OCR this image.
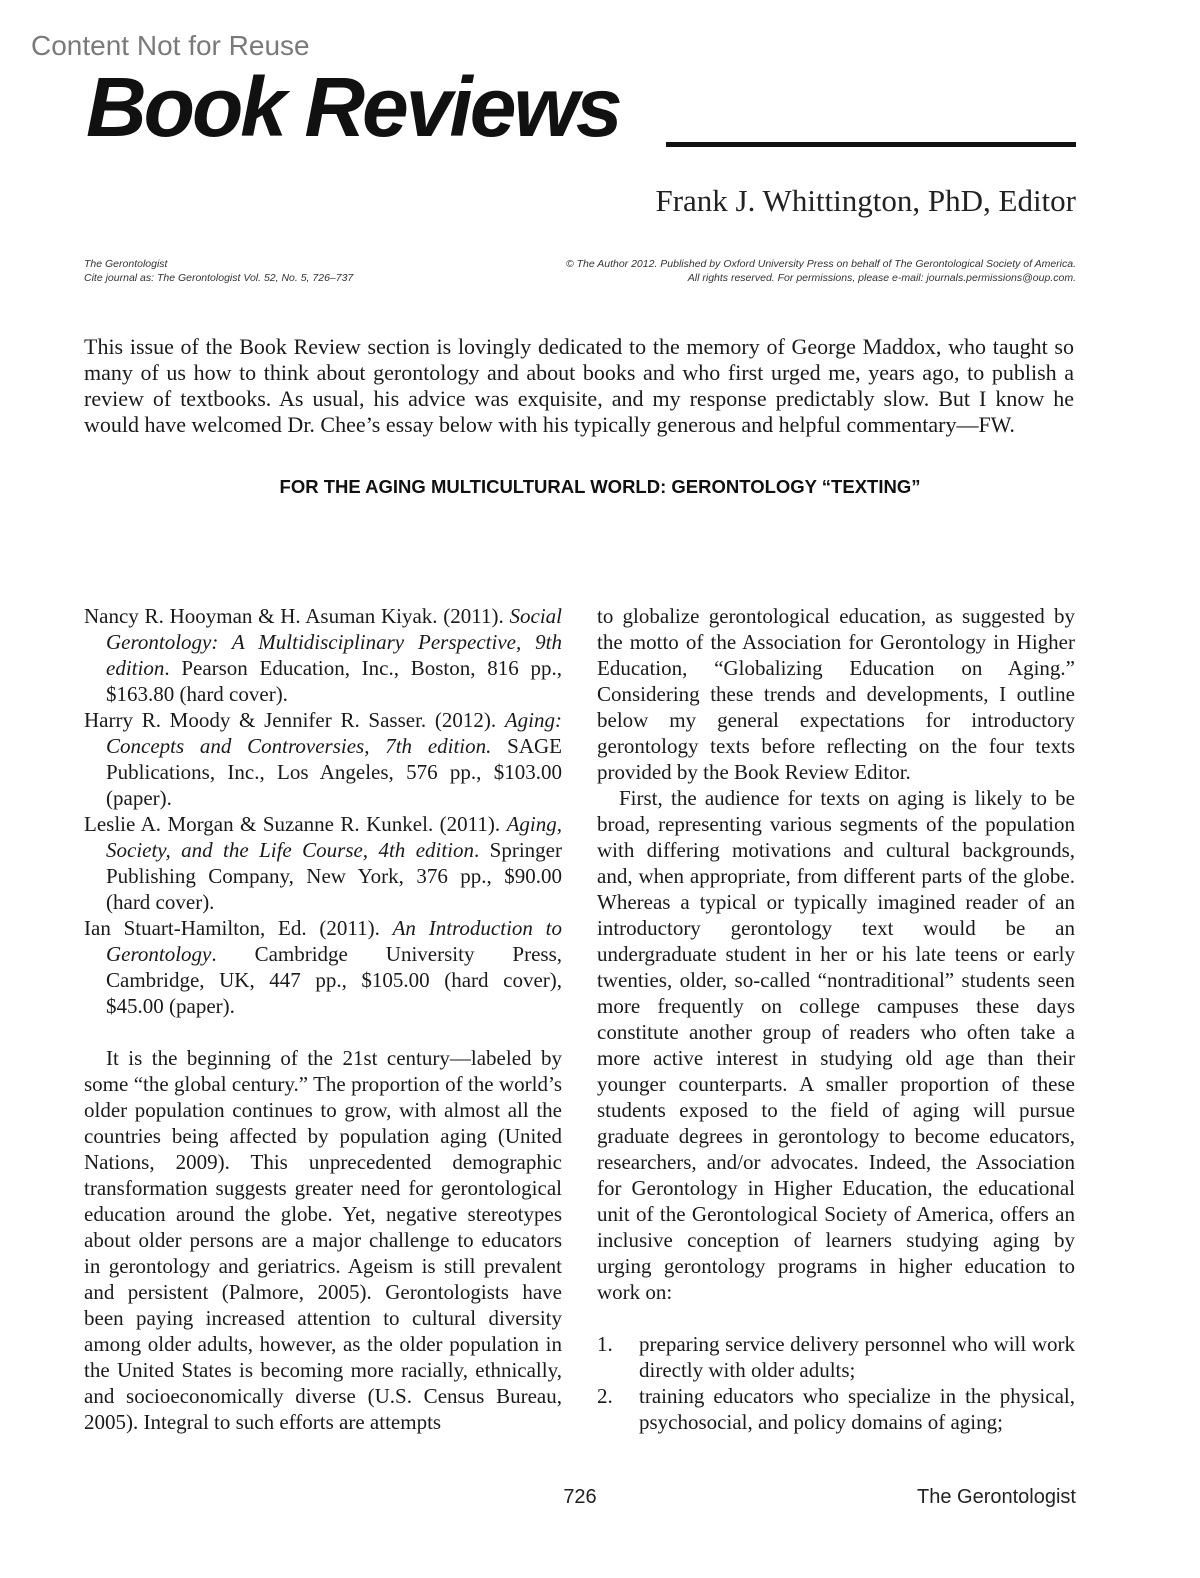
Content Not for Reuse
Book Reviews
Frank J. Whittington, PhD, Editor
The Gerontologist
Cite journal as: The Gerontologist Vol. 52, No. 5, 726–737
© The Author 2012. Published by Oxford University Press on behalf of The Gerontological Society of America.
All rights reserved. For permissions, please e-mail: journals.permissions@oup.com.
This issue of the Book Review section is lovingly dedicated to the memory of George Maddox, who taught so many of us how to think about gerontology and about books and who first urged me, years ago, to publish a review of textbooks. As usual, his advice was exquisite, and my response predictably slow. But I know he would have welcomed Dr. Chee’s essay below with his typically generous and helpful commentary—FW.
FOR THE AGING MULTICULTURAL WORLD: GERONTOLOGY “TEXTING”

Nancy R. Hooyman & H. Asuman Kiyak. (2011). Social Gerontology: A Multidisciplinary Perspective, 9th edition. Pearson Education, Inc., Boston, 816 pp., $163.80 (hard cover).

Harry R. Moody & Jennifer R. Sasser. (2012). Aging: Concepts and Controversies, 7th edition. SAGE Publications, Inc., Los Angeles, 576 pp., $103.00 (paper).

Leslie A. Morgan & Suzanne R. Kunkel. (2011). Aging, Society, and the Life Course, 4th edition. Springer Publishing Company, New York, 376 pp., $90.00 (hard cover).

Ian Stuart-Hamilton, Ed. (2011). An Introduction to Gerontology. Cambridge University Press, Cambridge, UK, 447 pp., $105.00 (hard cover), $45.00 (paper).

It is the beginning of the 21st century—labeled by some “the global century.” The proportion of the world’s older population continues to grow, with almost all the countries being affected by population aging (United Nations, 2009). This unprecedented demographic transformation suggests greater need for gerontological education around the globe. Yet, negative stereotypes about older persons are a major challenge to educators in gerontology and geriatrics. Ageism is still prevalent and persistent (Palmore, 2005). Gerontologists have been paying increased attention to cultural diversity among older adults, however, as the older population in the United States is becoming more racially, ethnically, and socioeconomically diverse (U.S. Census Bureau, 2005). Integral to such efforts are attempts

to globalize gerontological education, as suggested by the motto of the Association for Gerontology in Higher Education, “Globalizing Education on Aging.” Considering these trends and developments, I outline below my general expectations for introductory gerontology texts before reflecting on the four texts provided by the Book Review Editor.

First, the audience for texts on aging is likely to be broad, representing various segments of the population with differing motivations and cultural backgrounds, and, when appropriate, from different parts of the globe. Whereas a typical or typically imagined reader of an introductory gerontology text would be an undergraduate student in her or his late teens or early twenties, older, so-called “nontraditional” students seen more frequently on college campuses these days constitute another group of readers who often take a more active interest in studying old age than their younger counterparts. A smaller proportion of these students exposed to the field of aging will pursue graduate degrees in gerontology to become educators, researchers, and/or advocates. Indeed, the Association for Gerontology in Higher Education, the educational unit of the Gerontological Society of America, offers an inclusive conception of learners studying aging by urging gerontology programs in higher education to work on:

1.	preparing service delivery personnel who will work directly with older adults;
2.	training educators who specialize in the physical, psychosocial, and policy domains of aging;
726	The Gerontologist
